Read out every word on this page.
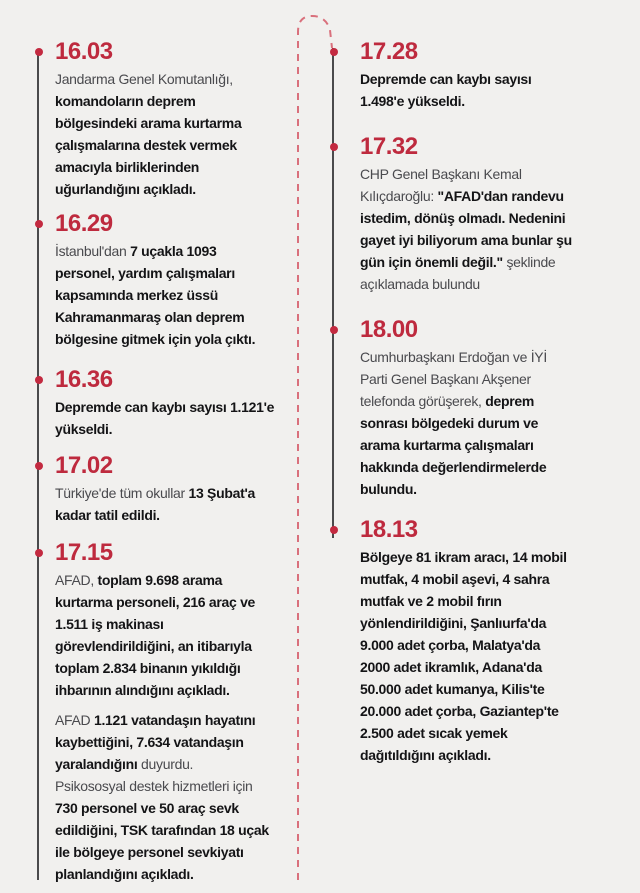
16.03
Jandarma Genel Komutanlığı,
komandoların deprem
bölgesindeki arama kurtarma
çalışmalarına destek vermek
amacıyla birliklerinden
uğurlandığını açıkladı.
16.29
İstanbul'dan 7 uçakla 1093
personel, yardım çalışmaları
kapsamında merkez üssü
Kahramanmaraş olan deprem
bölgesine gitmek için yola çıktı.
16.36
Depremde can kaybı sayısı 1.121'e
yükseldi.
17.02
Türkiye'de tüm okullar 13 Şubat'a
kadar tatil edildi.
17.15
AFAD, toplam 9.698 arama
kurtarma personeli, 216 araç ve
1.511 iş makinası
görevlendirildiğini, an itibarıyla
toplam 2.834 binanın yıkıldığı
ihbarının alındığını açıkladı.
AFAD 1.121 vatandaşın hayatını
kaybettiğini, 7.634 vatandaşın
yaralandığını duyurdu.
Psikososyal destek hizmetleri için
730 personel ve 50 araç sevk
edildiğini, TSK tarafından 18 uçak
ile bölgeye personel sevkiyatı
planlandığını açıkladı.
17.28
Depremde can kaybı sayısı
1.498'e yükseldi.
17.32
CHP Genel Başkanı Kemal
Kılıçdaroğlu: "AFAD'dan randevu
istedim, dönüş olmadı. Nedenini
gayet iyi biliyorum ama bunlar şu
gün için önemli değil." şeklinde
açıklamada bulundu
18.00
Cumhurbaşkanı Erdoğan ve İYİ
Parti Genel Başkanı Akşener
telefonda görüşerek, deprem
sonrası bölgedeki durum ve
arama kurtarma çalışmaları
hakkında değerlendirmelerde
bulundu.
18.13
Bölgeye 81 ikram aracı, 14 mobil
mutfak, 4 mobil aşevi, 4 sahra
mutfak ve 2 mobil fırın
yönlendirildiğini, Şanlıurfa'da
9.000 adet çorba, Malatya'da
2000 adet ikramlık, Adana'da
50.000 adet kumanya, Kilis'te
20.000 adet çorba, Gaziantep'te
2.500 adet sıcak yemek
dağıtıldığını açıkladı.
